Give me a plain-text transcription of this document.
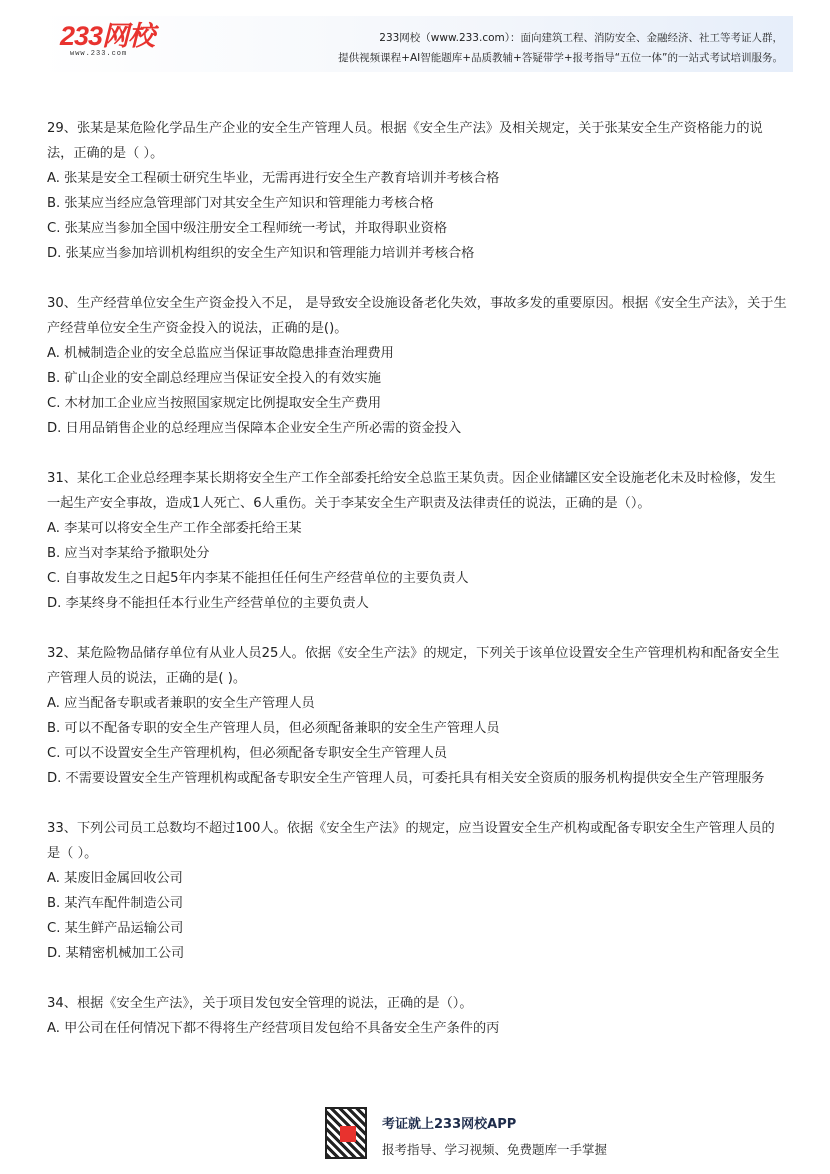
233网校
www.233.com
233网校（www.233.com）：面向建筑工程、消防安全、金融经济、社工等考证人群，
提供视频课程+AI智能题库+品质教辅+答疑带学+报考指导“五位一体”的一站式考试培训服务。
29、张某是某危险化学品生产企业的安全生产管理人员。根据《安全生产法》及相关规定，关于张某安全生产资格能力的说法，正确的是（ ）。
A. 张某是安全工程硕士研究生毕业，无需再进行安全生产教育培训并考核合格
B. 张某应当经应急管理部门对其安全生产知识和管理能力考核合格
C. 张某应当参加全国中级注册安全工程师统一考试，并取得职业资格
D. 张某应当参加培训机构组织的安全生产知识和管理能力培训并考核合格
30、生产经营单位安全生产资金投入不足， 是导致安全设施设备老化失效，事故多发的重要原因。根据《安全生产法》，关于生产经营单位安全生产资金投入的说法，正确的是()。
A. 机械制造企业的安全总监应当保证事故隐患排查治理费用
B. 矿山企业的安全副总经理应当保证安全投入的有效实施
C. 木材加工企业应当按照国家规定比例提取安全生产费用
D. 日用品销售企业的总经理应当保障本企业安全生产所必需的资金投入
31、某化工企业总经理李某长期将安全生产工作全部委托给安全总监王某负责。因企业储罐区安全设施老化未及时检修，发生一起生产安全事故，造成1人死亡、6人重伤。关于李某安全生产职责及法律责任的说法，正确的是（）。
A. 李某可以将安全生产工作全部委托给王某
B. 应当对李某给予撤职处分
C. 自事故发生之日起5年内李某不能担任任何生产经营单位的主要负责人
D. 李某终身不能担任本行业生产经营单位的主要负责人
32、某危险物品储存单位有从业人员25人。依据《安全生产法》的规定，下列关于该单位设置安全生产管理机构和配备安全生产管理人员的说法，正确的是( )。
A. 应当配备专职或者兼职的安全生产管理人员
B. 可以不配备专职的安全生产管理人员，但必须配备兼职的安全生产管理人员
C. 可以不设置安全生产管理机构，但必须配备专职安全生产管理人员
D. 不需要设置安全生产管理机构或配备专职安全生产管理人员，可委托具有相关安全资质的服务机构提供安全生产管理服务
33、下列公司员工总数均不超过100人。依据《安全生产法》的规定，应当设置安全生产机构或配备专职安全生产管理人员的是（ ）。
A. 某废旧金属回收公司
B. 某汽车配件制造公司
C. 某生鲜产品运输公司
D. 某精密机械加工公司
34、根据《安全生产法》，关于项目发包安全管理的说法，正确的是（）。
A. 甲公司在任何情况下都不得将生产经营项目发包给不具备安全生产条件的丙
考证就上233网校APP
报考指导、学习视频、免费题库一手掌握
